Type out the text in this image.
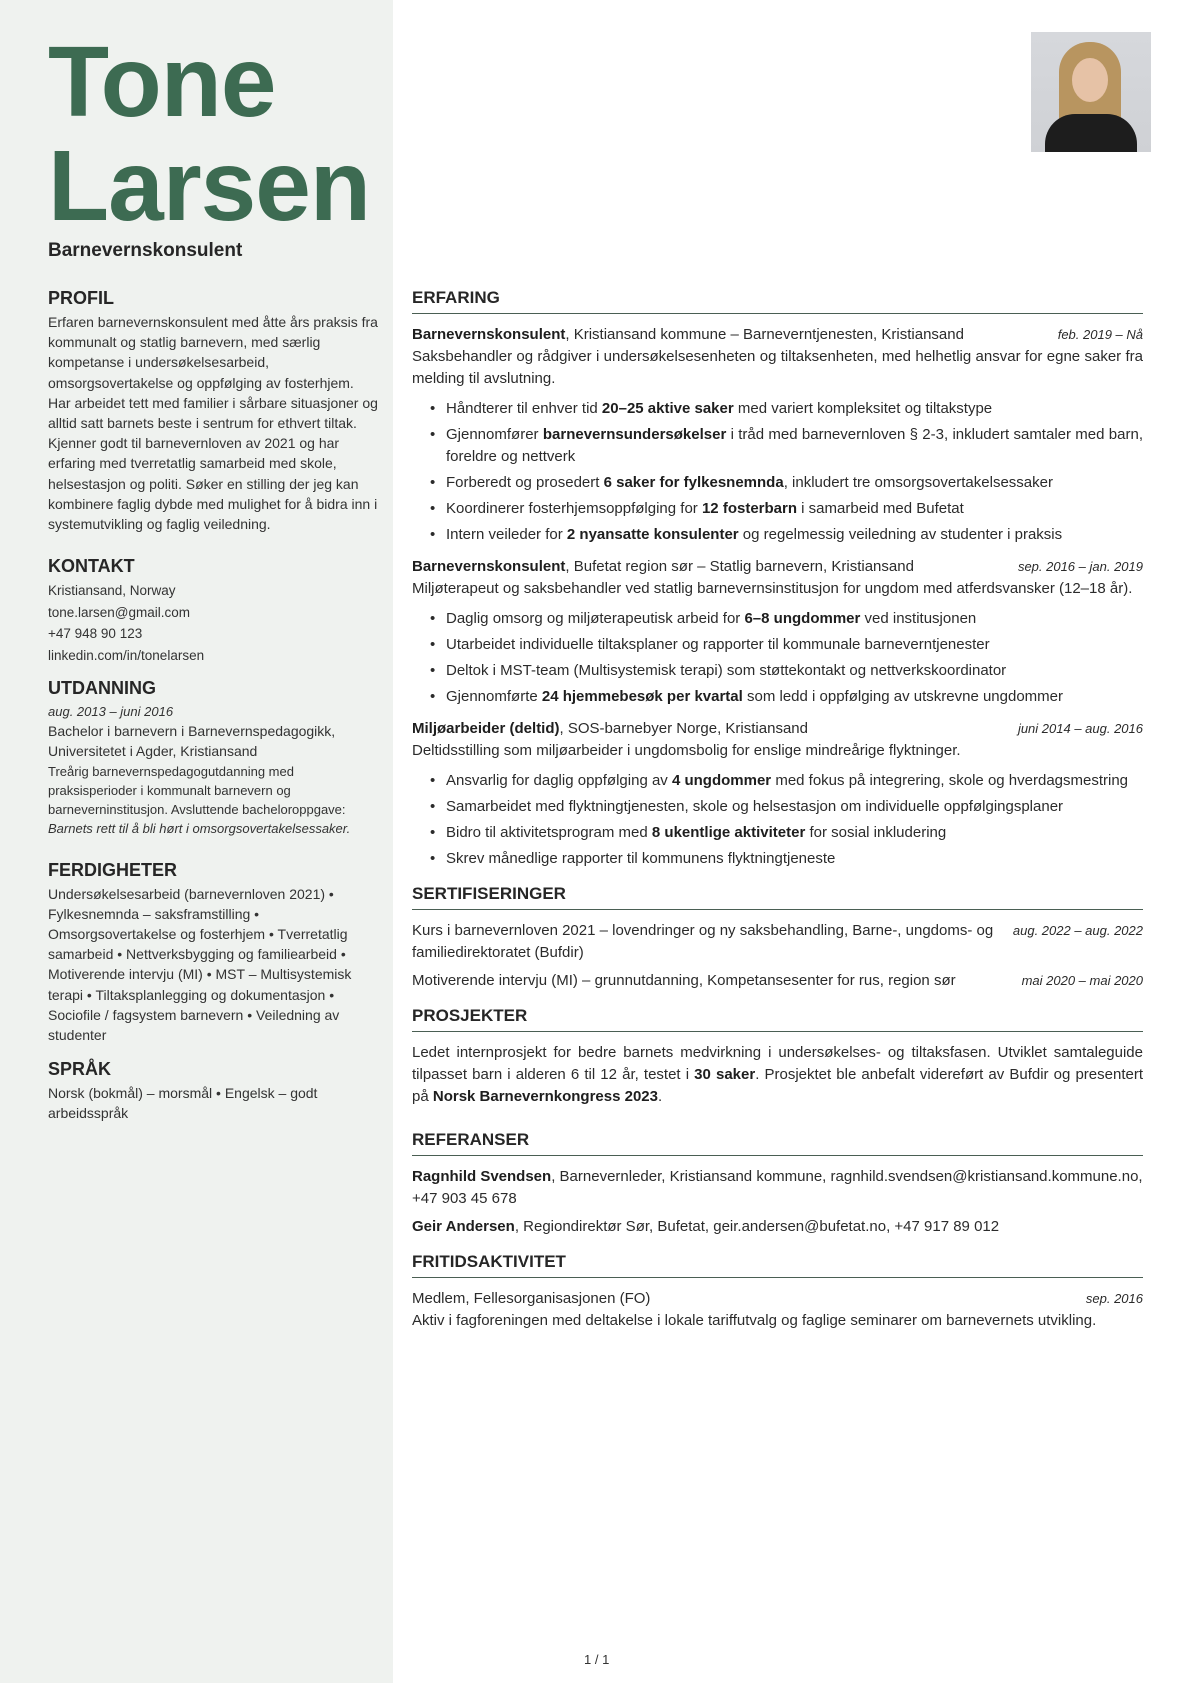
Tone
Larsen
Barnevernskonsulent
PROFIL
Erfaren barnevernskonsulent med åtte års praksis fra kommunalt og statlig barnevern, med særlig kompetanse i undersøkelsesarbeid, omsorgsovertakelse og oppfølging av fosterhjem. Har arbeidet tett med familier i sårbare situasjoner og alltid satt barnets beste i sentrum for ethvert tiltak. Kjenner godt til barnevernloven av 2021 og har erfaring med tverretatlig samarbeid med skole, helsestasjon og politi. Søker en stilling der jeg kan kombinere faglig dybde med mulighet for å bidra inn i systemutvikling og faglig veiledning.
KONTAKT
Kristiansand, Norway
tone.larsen@gmail.com
+47 948 90 123
linkedin.com/in/tonelarsen
UTDANNING
aug. 2013 – juni 2016
Bachelor i barnevern i Barnevernspedagogikk, Universitetet i Agder, Kristiansand
Treårig barnevernspedagogutdanning med praksisperioder i kommunalt barnevern og barneverninstitusjon. Avsluttende bacheloroppgave: Barnets rett til å bli hørt i omsorgsovertakelsessaker.
FERDIGHETER
Undersøkelsesarbeid (barnevernloven 2021) • Fylkesnemnda – saksframstilling • Omsorgsovertakelse og fosterhjem • Tverretatlig samarbeid • Nettverksbygging og familiearbeid • Motiverende intervju (MI) • MST – Multisystemisk terapi • Tiltaksplanlegging og dokumentasjon • Sociofile / fagsystem barnevern • Veiledning av studenter
SPRÅK
Norsk (bokmål) – morsmål • Engelsk – godt arbeidsspråk
ERFARING
Barnevernskonsulent, Kristiansand kommune – Barneverntjenesten, Kristiansand	feb. 2019 – Nå
Saksbehandler og rådgiver i undersøkelsesenheten og tiltaksenheten, med helhetlig ansvar for egne saker fra melding til avslutning.
• Håndterer til enhver tid 20–25 aktive saker med variert kompleksitet og tiltakstype
• Gjennomfører barnevernsundersøkelser i tråd med barnevernloven § 2-3, inkludert samtaler med barn, foreldre og nettverk
• Forberedt og prosedert 6 saker for fylkesnemnda, inkludert tre omsorgsovertakelsessaker
• Koordinerer fosterhjemsoppfølging for 12 fosterbarn i samarbeid med Bufetat
• Intern veileder for 2 nyansatte konsulenter og regelmessig veiledning av studenter i praksis
Barnevernskonsulent, Bufetat region sør – Statlig barnevern, Kristiansand	sep. 2016 – jan. 2019
Miljøterapeut og saksbehandler ved statlig barnevernsinstitusjon for ungdom med atferdsvansker (12–18 år).
• Daglig omsorg og miljøterapeutisk arbeid for 6–8 ungdommer ved institusjonen
• Utarbeidet individuelle tiltaksplaner og rapporter til kommunale barneverntjenester
• Deltok i MST-team (Multisystemisk terapi) som støttekontakt og nettverkskoordinator
• Gjennomførte 24 hjemmebesøk per kvartal som ledd i oppfølging av utskrevne ungdommer
Miljøarbeider (deltid), SOS-barnebyer Norge, Kristiansand	juni 2014 – aug. 2016
Deltidsstilling som miljøarbeider i ungdomsbolig for enslige mindreårige flyktninger.
• Ansvarlig for daglig oppfølging av 4 ungdommer med fokus på integrering, skole og hverdagsmestring
• Samarbeidet med flyktningtjenesten, skole og helsestasjon om individuelle oppfølgingsplaner
• Bidro til aktivitetsprogram med 8 ukentlige aktiviteter for sosial inkludering
• Skrev månedlige rapporter til kommunens flyktningtjeneste
SERTIFISERINGER
Kurs i barnevernloven 2021 – lovendringer og ny saksbehandling, Barne-, ungdoms- og familiedirektoratet (Bufdir)
aug. 2022 – aug. 2022
Motiverende intervju (MI) – grunnutdanning, Kompetansesenter for rus, region sør	mai 2020 – mai 2020
PROSJEKTER
Ledet internprosjekt for bedre barnets medvirkning i undersøkelses- og tiltaksfasen. Utviklet samtaleguide tilpasset barn i alderen 6 til 12 år, testet i 30 saker. Prosjektet ble anbefalt videreført av Bufdir og presentert på Norsk Barnevernkongress 2023.
REFERANSER
Ragnhild Svendsen, Barnevernleder, Kristiansand kommune, ragnhild.svendsen@kristiansand.kommune.no, +47 903 45 678
Geir Andersen, Regiondirektør Sør, Bufetat, geir.andersen@bufetat.no, +47 917 89 012
FRITIDSAKTIVITET
Medlem, Fellesorganisasjonen (FO)	sep. 2016
Aktiv i fagforeningen med deltakelse i lokale tariffutvalg og faglige seminarer om barnevernets utvikling.
1 / 1
